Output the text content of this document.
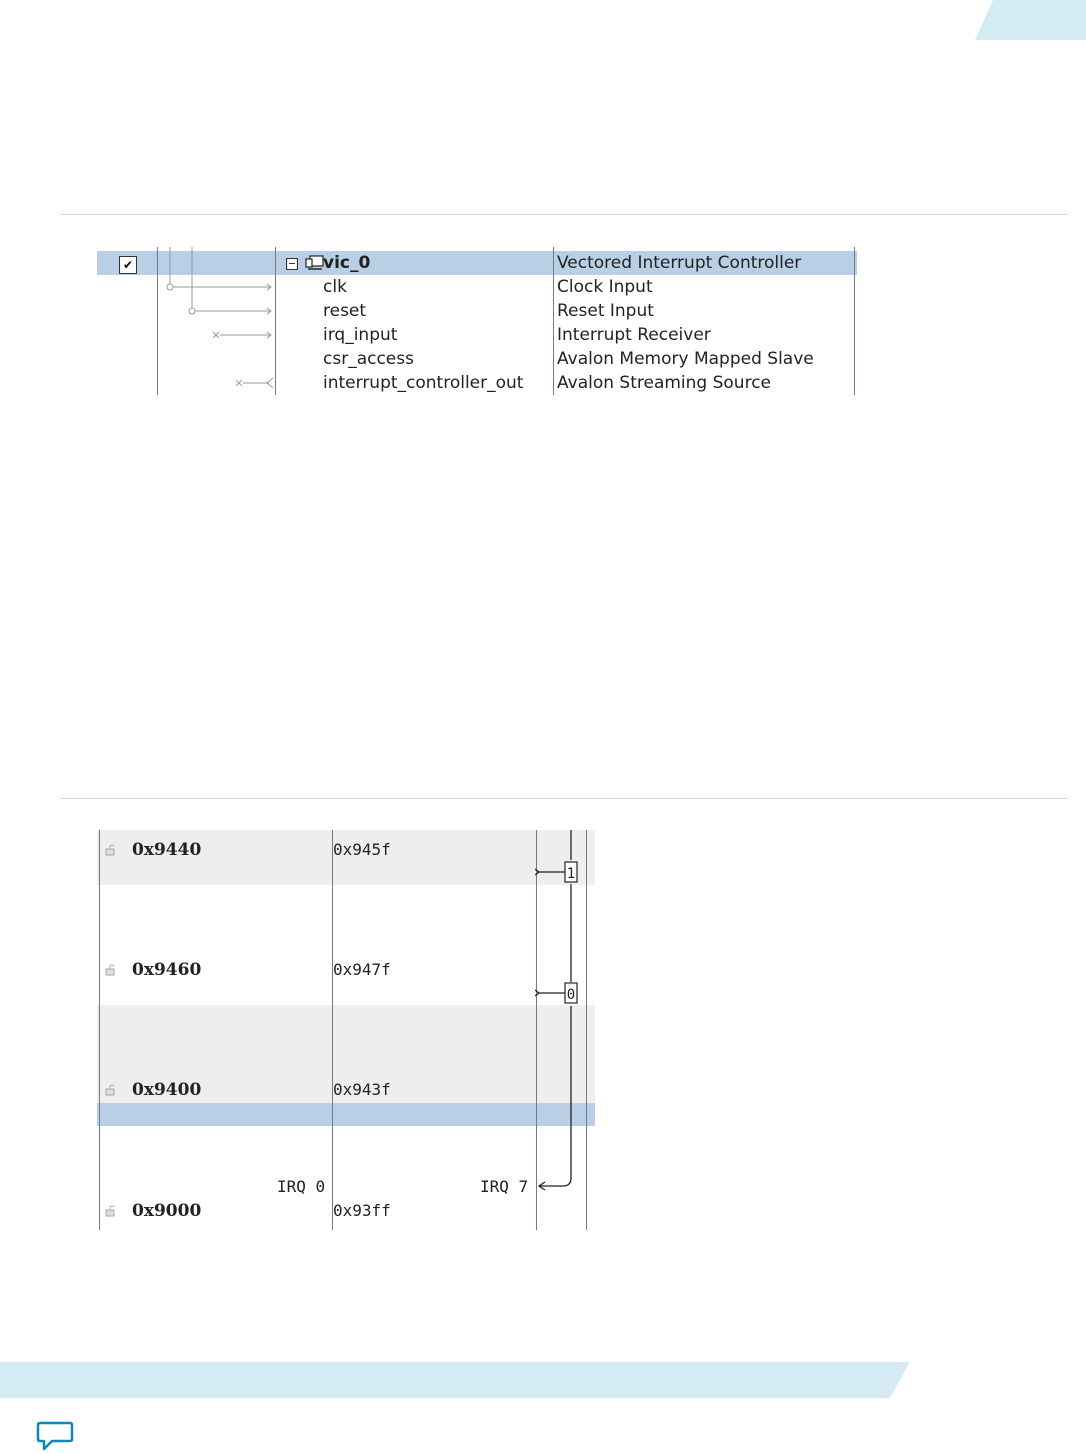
✔	vic_0	Vectored Interrupt Controller
clk	Clock Input
reset	Reset Input
irq_input	Interrupt Receiver
csr_access	Avalon Memory Mapped Slave
interrupt_controller_out Avalon Streaming Source
0x9440	0x945f
0x9460	0x947f
0x9400	0x943f
0x9000	0x93ff
IRQ 0	IRQ 7
1
0
